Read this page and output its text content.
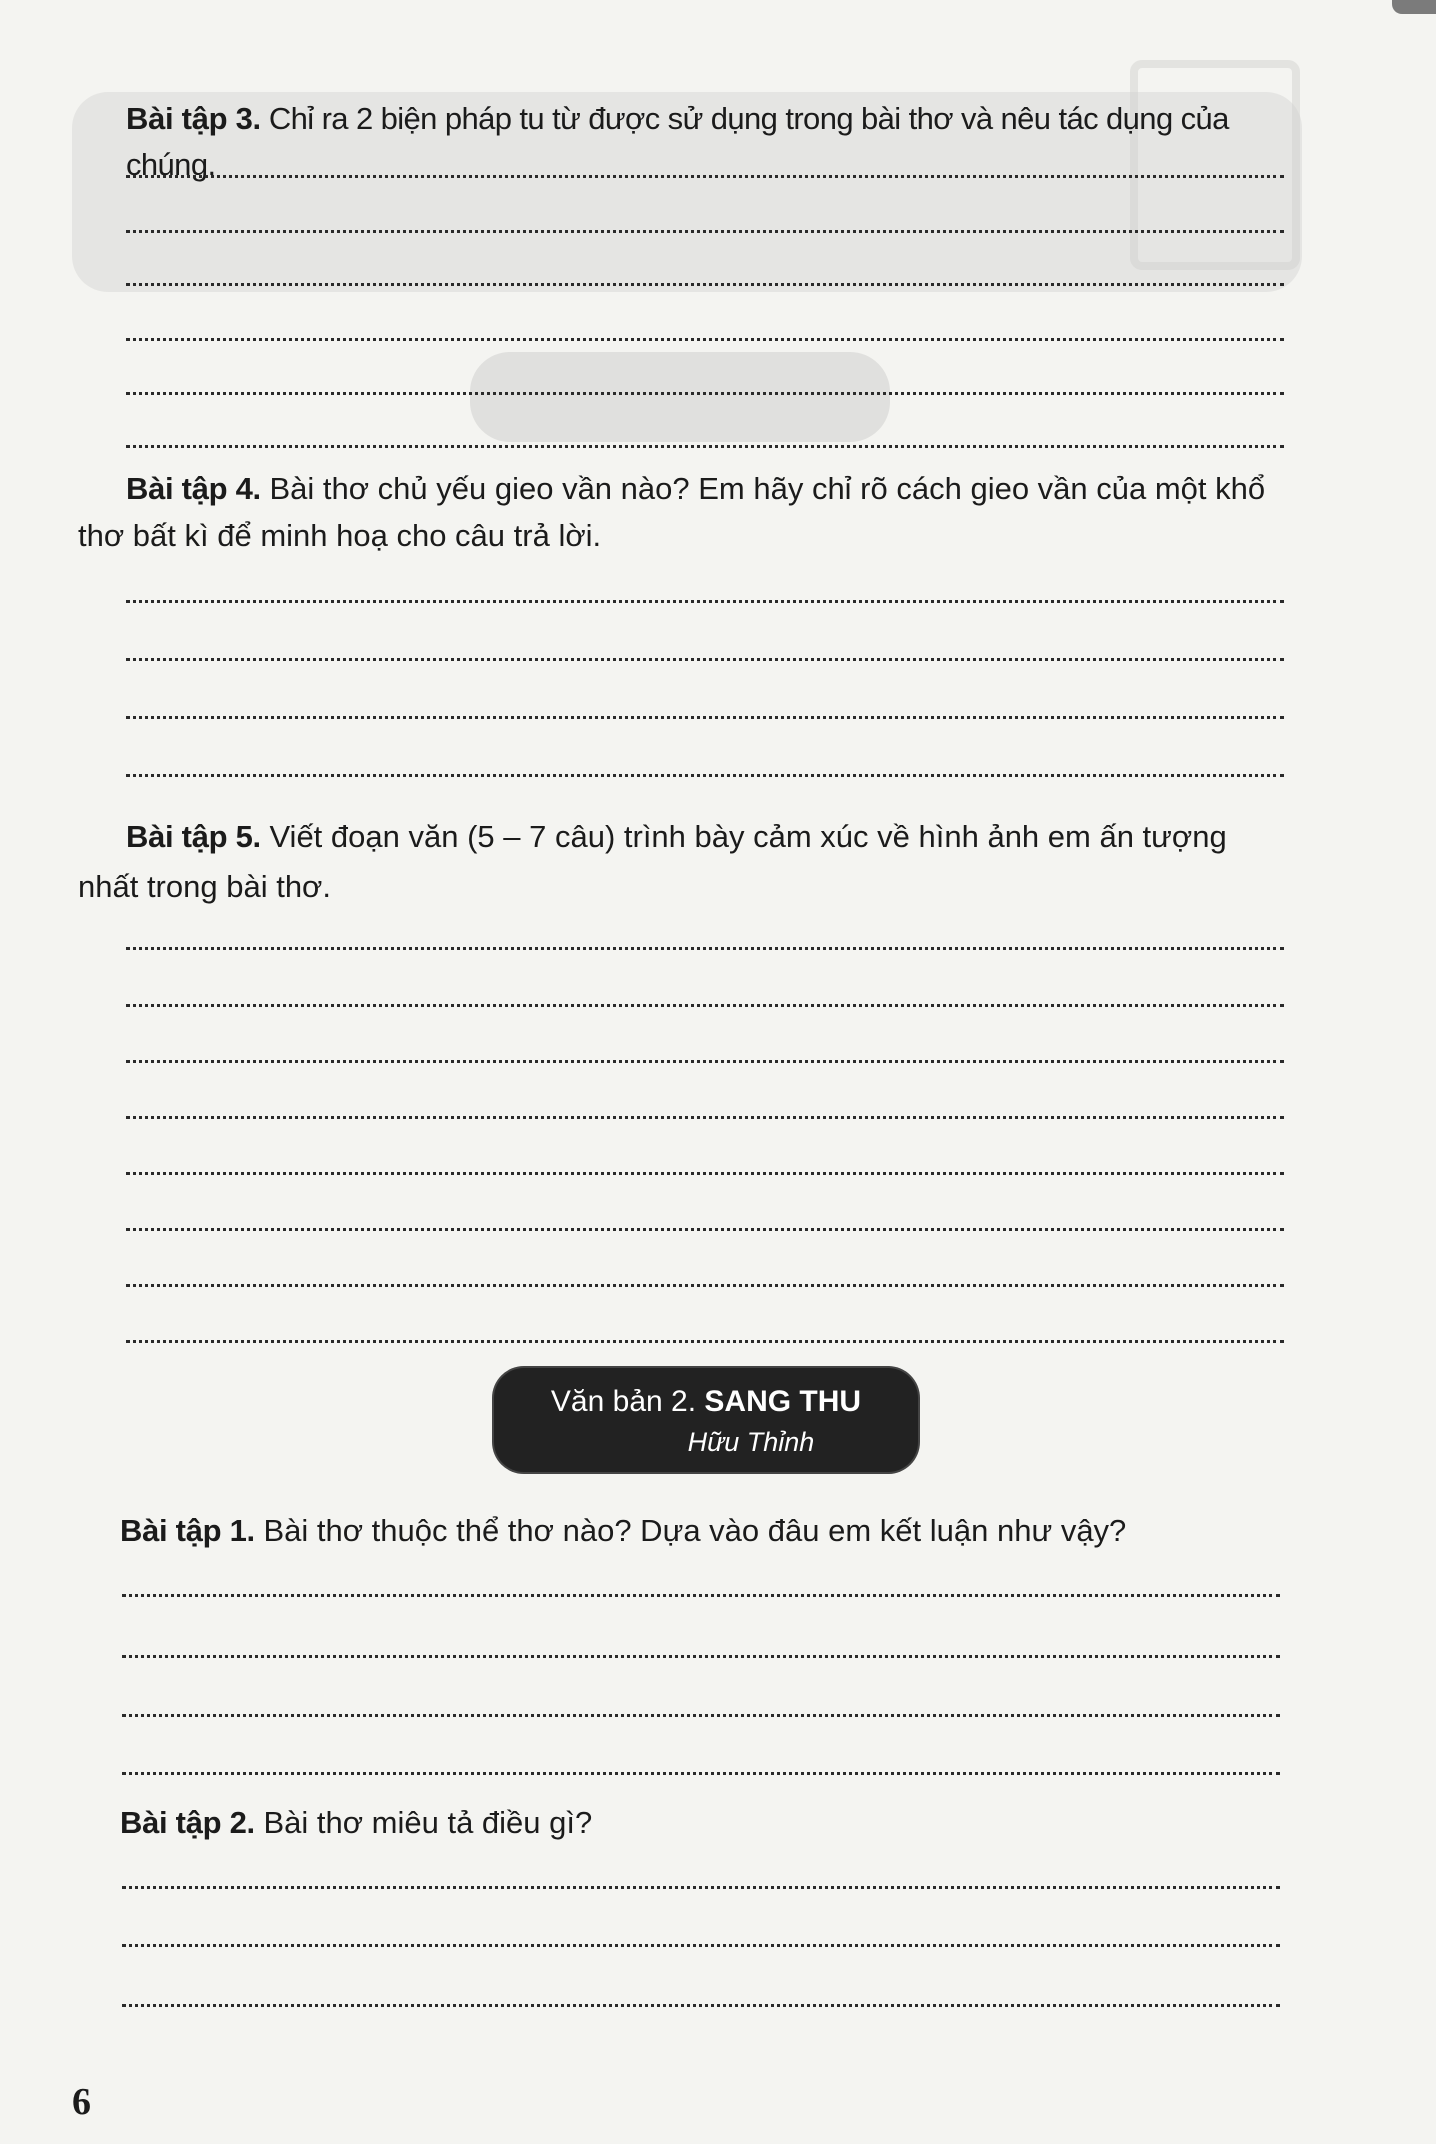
Bài tập 3. Chỉ ra 2 biện pháp tu từ được sử dụng trong bài thơ và nêu tác dụng của chúng.
Bài tập 4. Bài thơ chủ yếu gieo vần nào? Em hãy chỉ rõ cách gieo vần của một khổ thơ bất kì để minh hoạ cho câu trả lời.
Bài tập 5. Viết đoạn văn (5 – 7 câu) trình bày cảm xúc về hình ảnh em ấn tượng nhất trong bài thơ.
Văn bản 2. SANG THU
Hữu Thỉnh
Bài tập 1. Bài thơ thuộc thể thơ nào? Dựa vào đâu em kết luận như vậy?
Bài tập 2. Bài thơ miêu tả điều gì?
6
